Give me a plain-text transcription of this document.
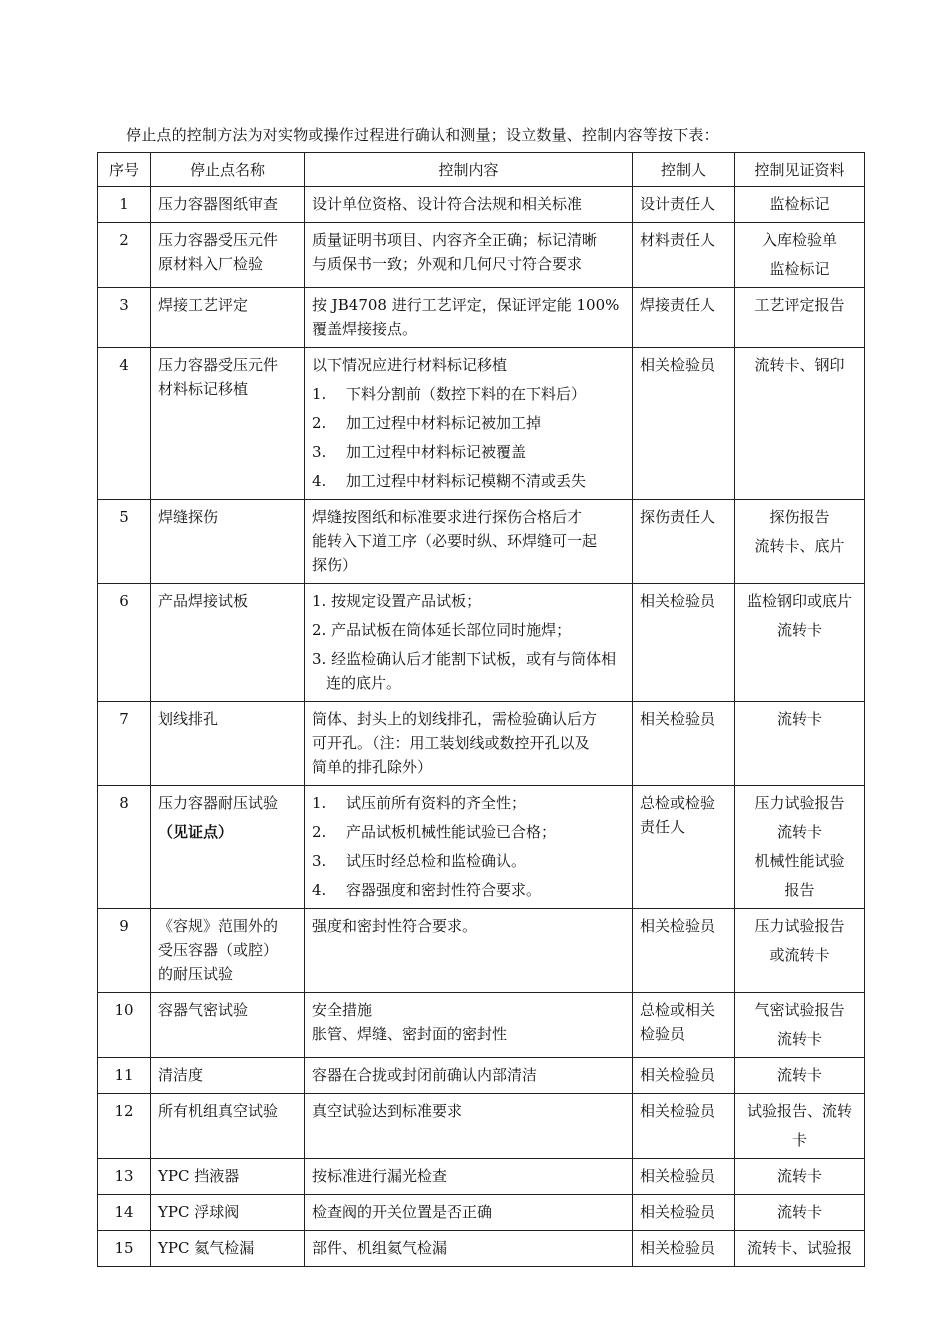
停止点的控制方法为对实物或操作过程进行确认和测量；设立数量、控制内容等按下表：
序号	停止点名称	控制内容	控制人	控制见证资料
1	压力容器图纸审查	设计单位资格、设计符合法规和相关标准	设计责任人	监检标记

2	压力容器受压元件
原材料入厂检验	质量证明书项目、内容齐全正确；标记清晰
与质保书一致；外观和几何尺寸符合要求	材料责任人	入库检验单
监检标记

3	焊接工艺评定	按 JB4708 进行工艺评定，保证评定能 100%
覆盖焊接接点。	焊接责任人	工艺评定报告

4	压力容器受压元件
材料标记移植	以下情况应进行材料标记移植
1. 下料分割前（数控下料的在下料后）
2. 加工过程中材料标记被加工掉
3. 加工过程中材料标记被覆盖
4. 加工过程中材料标记模糊不清或丢失	相关检验员	流转卡、钢印

5	焊缝探伤	焊缝按图纸和标准要求进行探伤合格后才
能转入下道工序（必要时纵、环焊缝可一起
探伤）	探伤责任人	探伤报告
流转卡、底片

6	产品焊接试板	1. 按规定设置产品试板；
2. 产品试板在筒体延长部位同时施焊；
3. 经监检确认后才能割下试板，或有与筒体相连的底片。	相关检验员	监检钢印或底片
流转卡

7	划线排孔	筒体、封头上的划线排孔，需检验确认后方
可开孔。（注：用工装划线或数控开孔以及
简单的排孔除外）	相关检验员	流转卡

8	压力容器耐压试验
（见证点）	1. 试压前所有资料的齐全性；
2. 产品试板机械性能试验已合格；
3. 试压时经总检和监检确认。
4. 容器强度和密封性符合要求。	总检或检验
责任人	压力试验报告
流转卡
机械性能试验
报告

9	《容规》范围外的
受压容器（或腔）
的耐压试验	强度和密封性符合要求。	相关检验员	压力试验报告
或流转卡

10	容器气密试验	安全措施
胀管、焊缝、密封面的密封性	总检或相关
检验员	气密试验报告
流转卡

11	清洁度	容器在合拢或封闭前确认内部清洁	相关检验员	流转卡

12	所有机组真空试验	真空试验达到标准要求	相关检验员	试验报告、流转
卡

13	YPC 挡液器	按标准进行漏光检查	相关检验员	流转卡

14	YPC 浮球阀	检查阀的开关位置是否正确	相关检验员	流转卡

15	YPC 氦气检漏	部件、机组氦气检漏	相关检验员	流转卡、试验报
